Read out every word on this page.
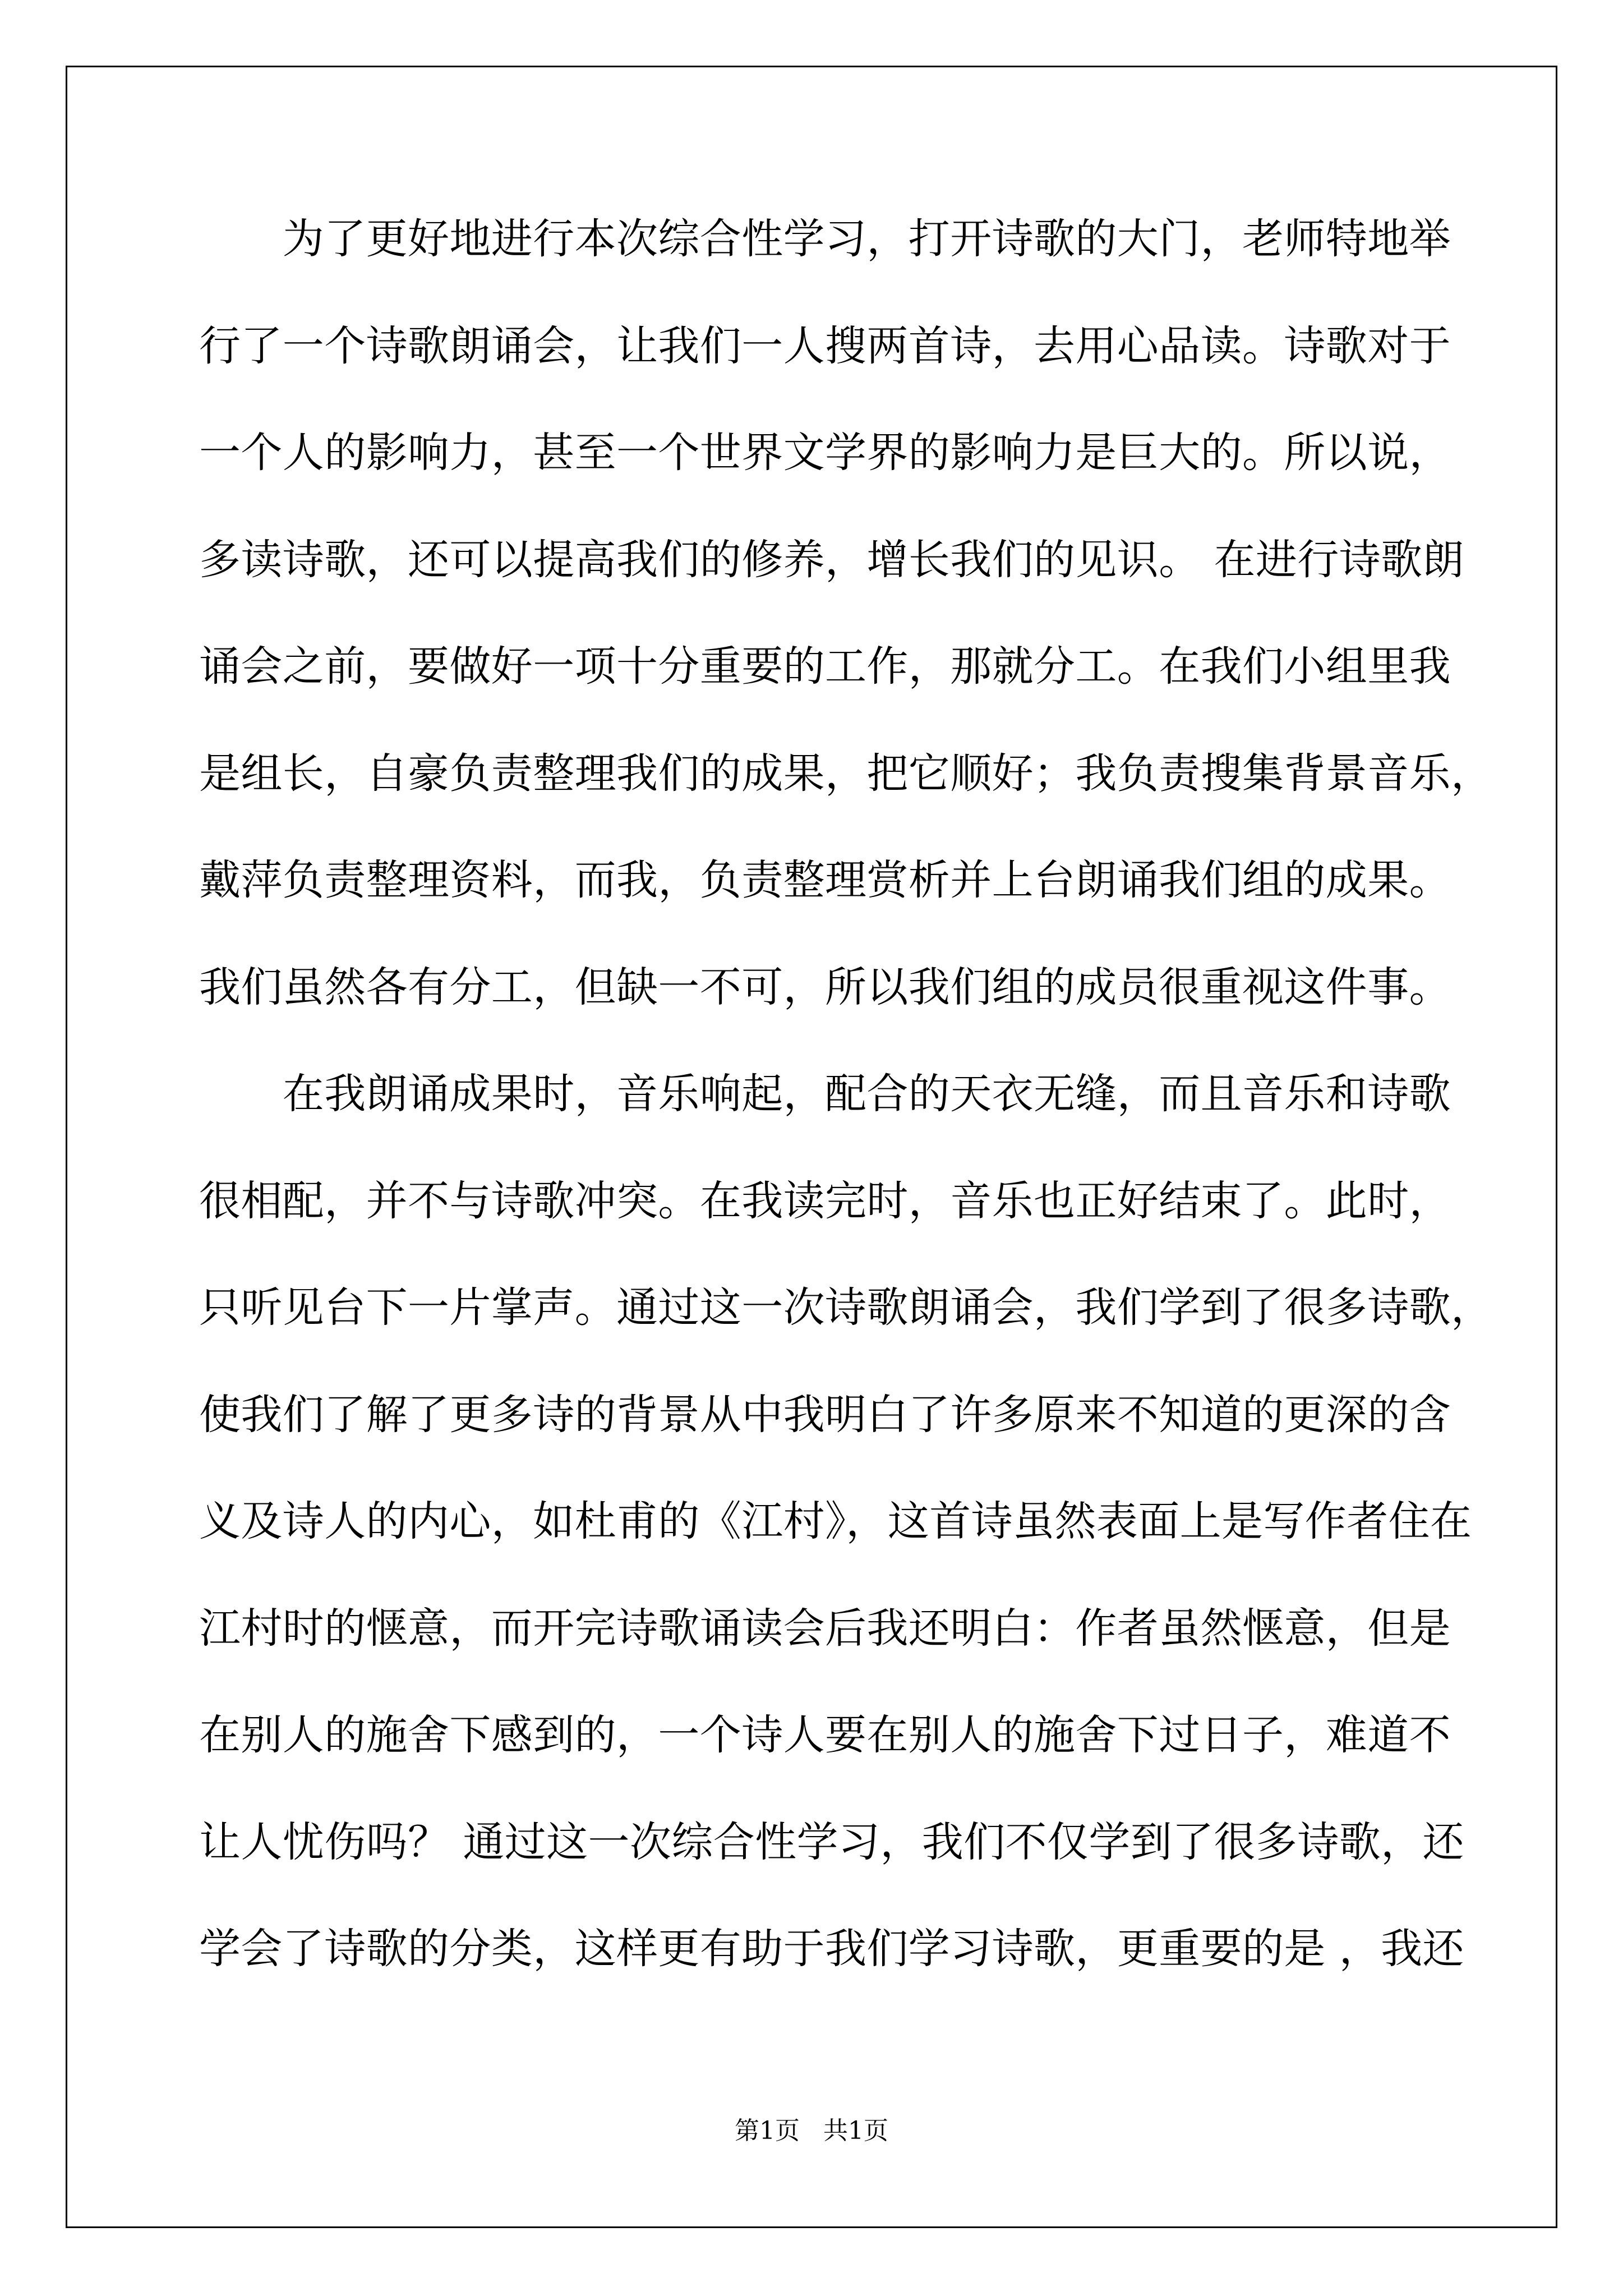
　　为了更好地进行本次综合性学习，打开诗歌的大门，老师特地举
行了一个诗歌朗诵会，让我们一人搜两首诗，去用心品读。诗歌对于
一个人的影响力，甚至一个世界文学界的影响力是巨大的。所以说，
多读诗歌，还可以提高我们的修养，增长我们的见识。 在进行诗歌朗
诵会之前，要做好一项十分重要的工作，那就分工。在我们小组里我
是组长，自豪负责整理我们的成果，把它顺好；我负责搜集背景音乐，
戴萍负责整理资料，而我，负责整理赏析并上台朗诵我们组的成果。
我们虽然各有分工，但缺一不可，所以我们组的成员很重视这件事。
　　在我朗诵成果时，音乐响起，配合的天衣无缝，而且音乐和诗歌
很相配，并不与诗歌冲突。在我读完时，音乐也正好结束了。此时，
只听见台下一片掌声。通过这一次诗歌朗诵会，我们学到了很多诗歌，
使我们了解了更多诗的背景从中我明白了许多原来不知道的更深的含
义及诗人的内心，如杜甫的《江村》，这首诗虽然表面上是写作者住在
江村时的惬意，而开完诗歌诵读会后我还明白：作者虽然惬意，但是
在别人的施舍下感到的，一个诗人要在别人的施舍下过日子，难道不
让人忧伤吗？ 通过这一次综合性学习，我们不仅学到了很多诗歌，还
学会了诗歌的分类，这样更有助于我们学习诗歌，更重要的是 ，我还
第1页   共1页
